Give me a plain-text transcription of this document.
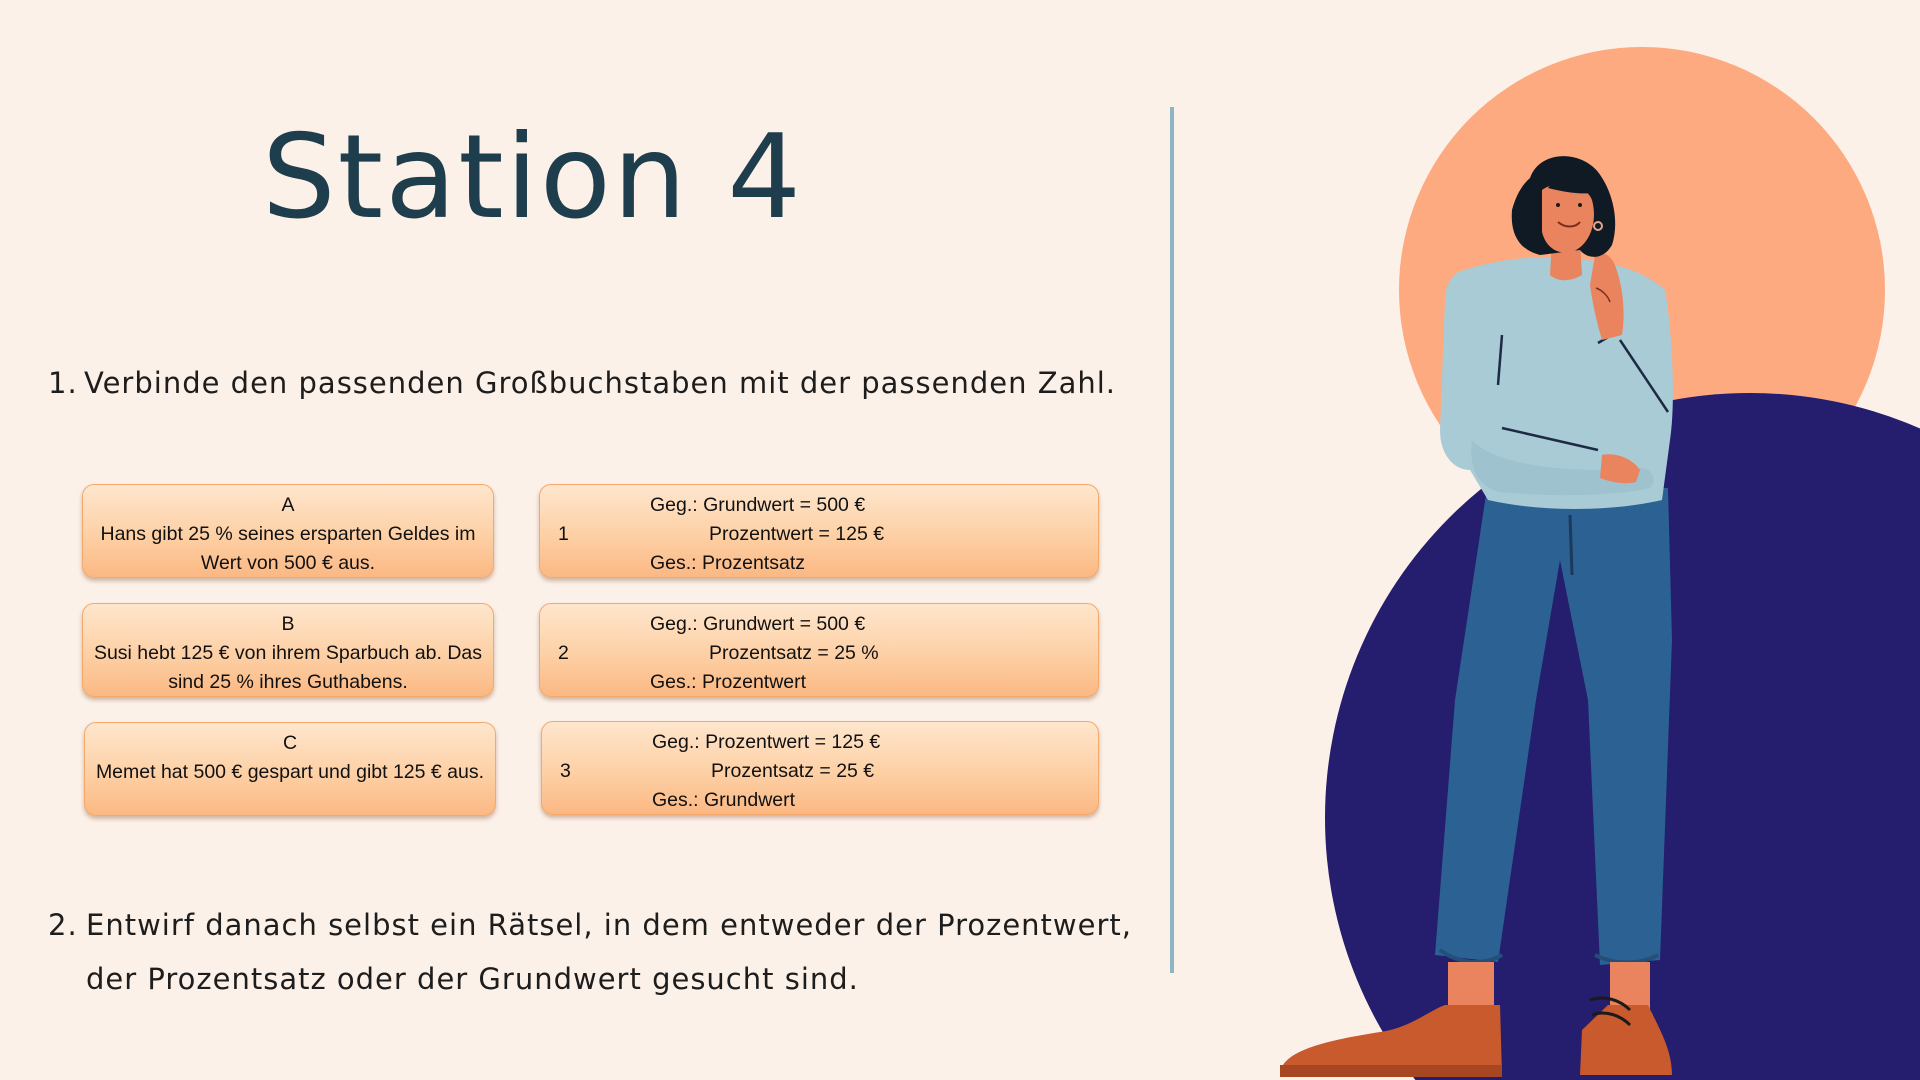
Station 4
1. Verbinde den passenden Großbuchstaben mit der passenden Zahl.
A
Hans gibt 25 % seines ersparten Geldes im Wert von 500 € aus.
B
Susi hebt 125 € von ihrem Sparbuch ab. Das sind 25 % ihres Guthabens.
C
Memet hat 500 € gespart und gibt 125 € aus.
1
Geg.: Grundwert = 500 €
Prozentwert = 125 €
Ges.: Prozentsatz
2
Geg.: Grundwert = 500 €
Prozentsatz = 25 %
Ges.: Prozentwert
3
Geg.: Prozentwert = 125 €
Prozentsatz = 25 €
Ges.: Grundwert
2. Entwirf danach selbst ein Rätsel, in dem entweder der Prozentwert,
der Prozentsatz oder der Grundwert gesucht sind.
